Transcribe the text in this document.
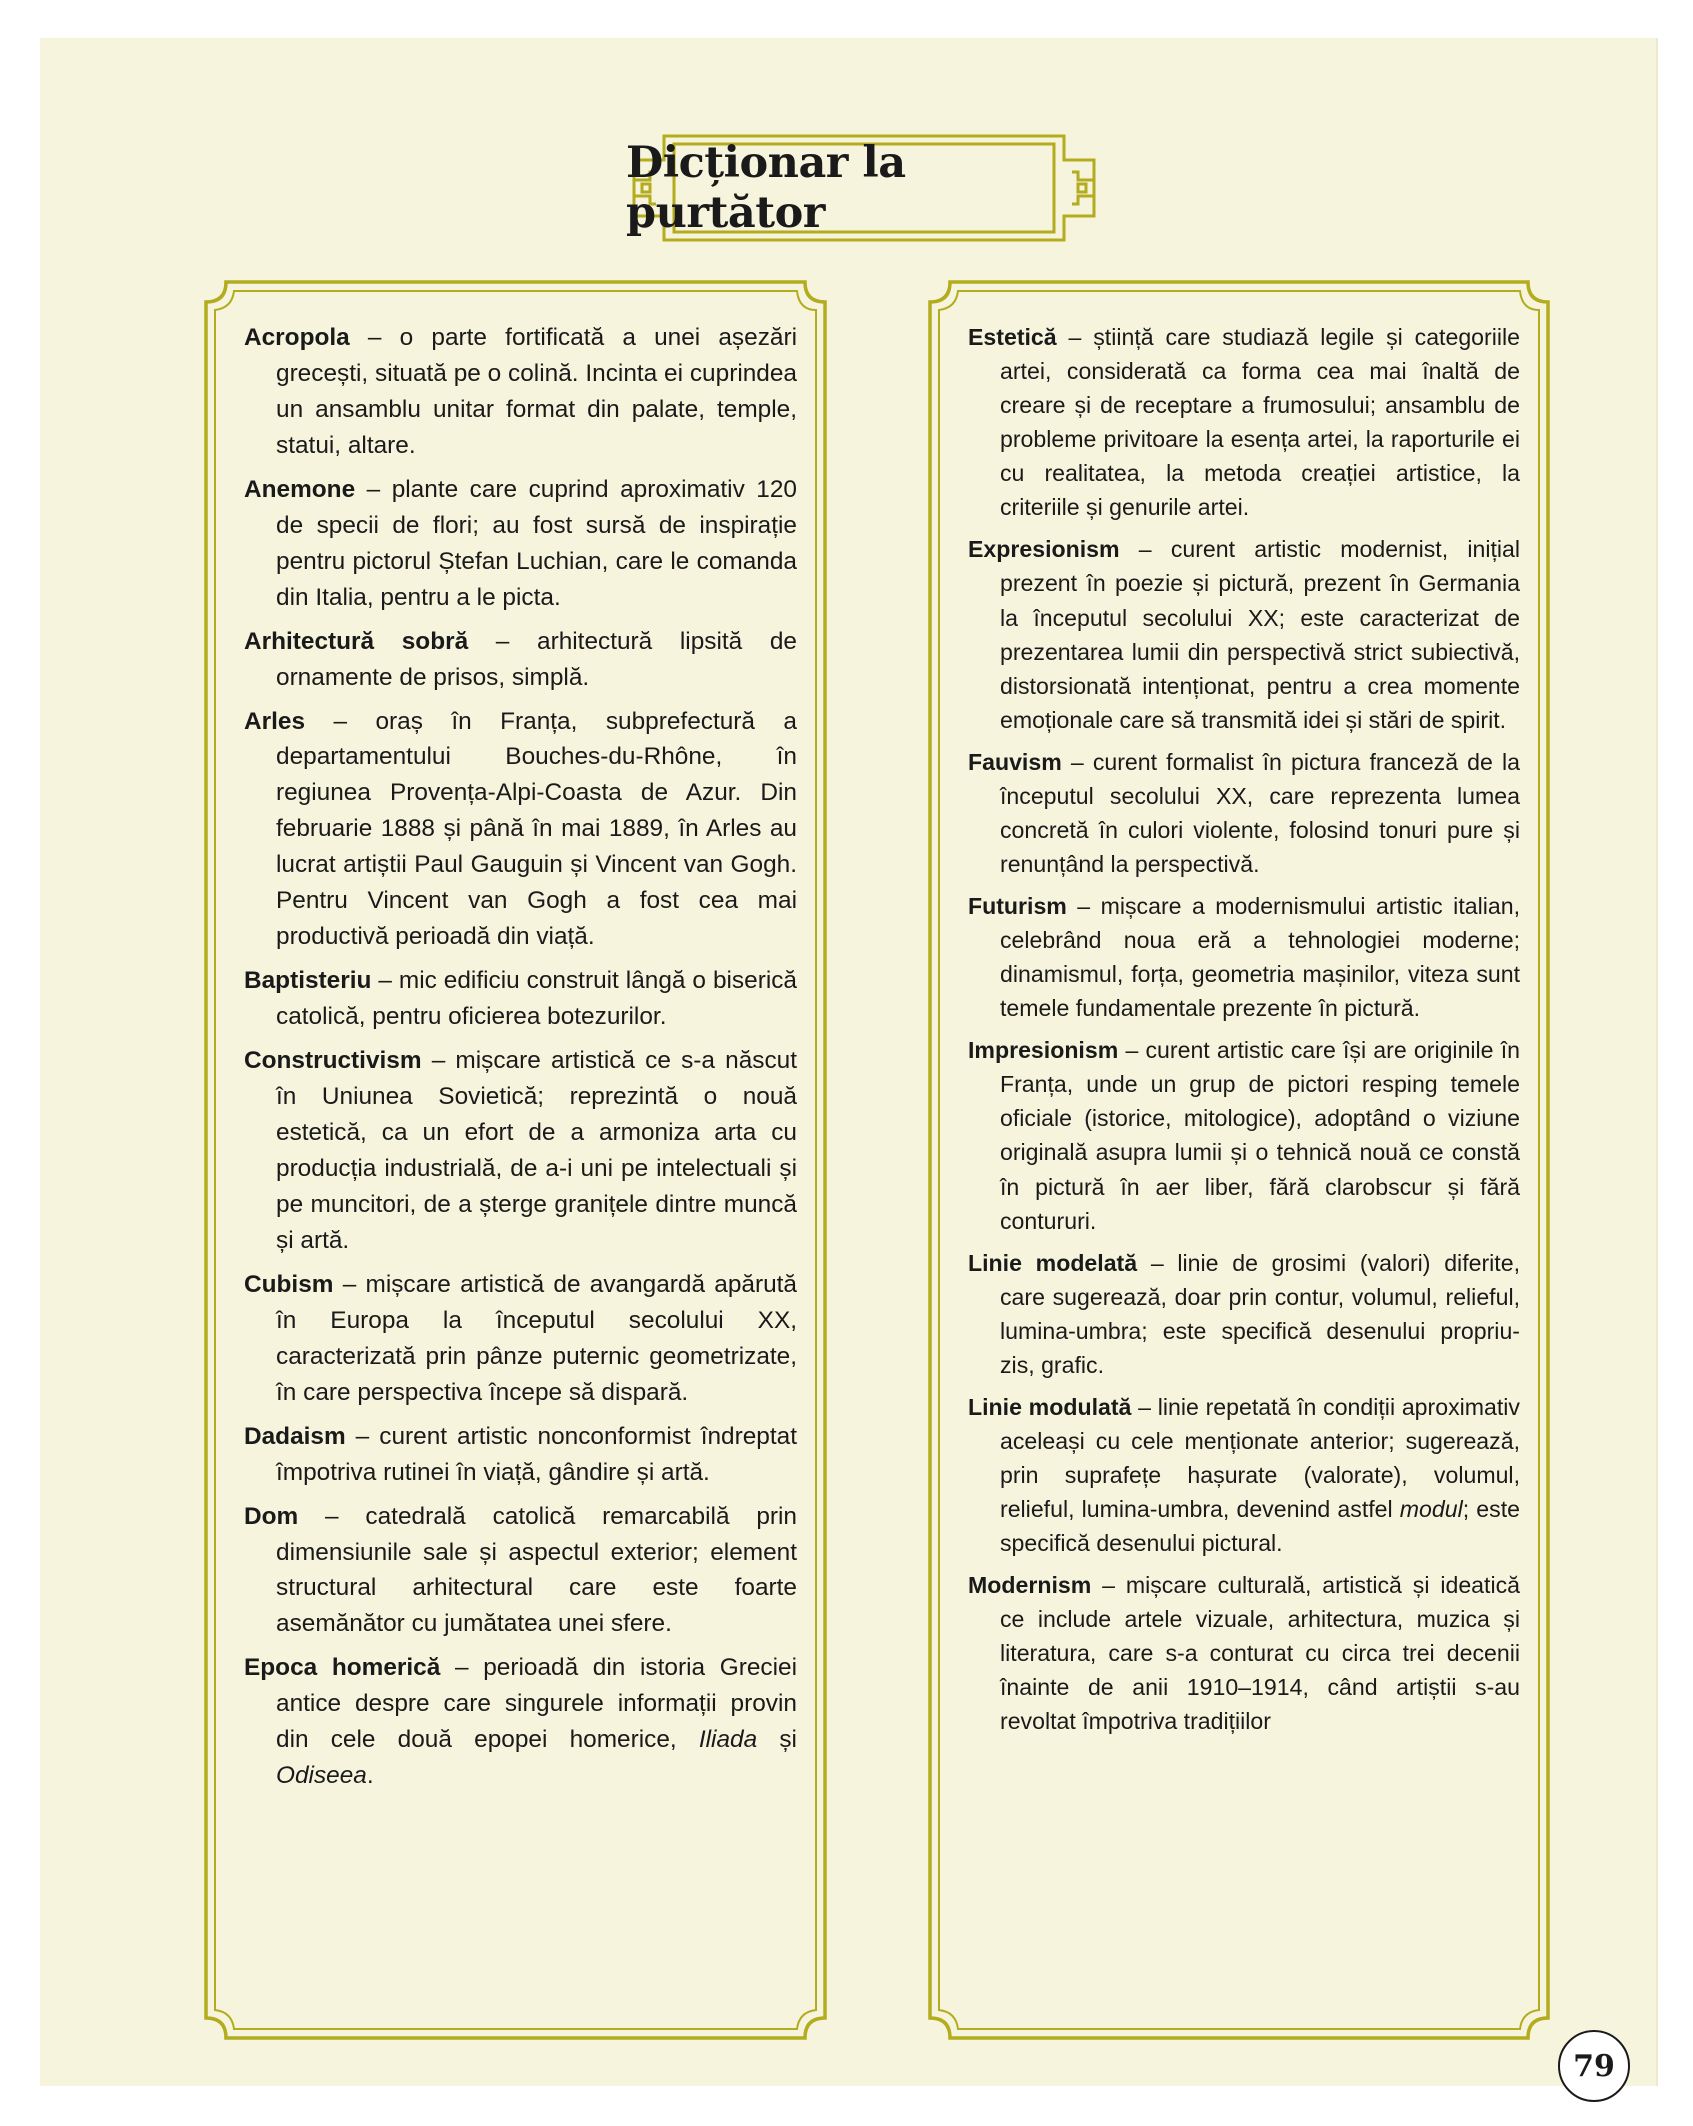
Dicționar la purtător
Acropola – o parte fortificată a unei așezări grecești, situată pe o colină. Incinta ei cuprindea un ansamblu unitar format din palate, temple, statui, altare.
Anemone – plante care cuprind aproximativ 120 de specii de flori; au fost sursă de inspirație pentru pictorul Ștefan Luchian, care le comanda din Italia, pentru a le picta.
Arhitectură sobră – arhitectură lipsită de ornamente de prisos, simplă.
Arles – oraș în Franța, subprefectură a departamentului Bouches-du-Rhône, în regiunea Provența-Alpi-Coasta de Azur. Din februarie 1888 și până în mai 1889, în Arles au lucrat artiștii Paul Gauguin și Vincent van Gogh. Pentru Vincent van Gogh a fost cea mai productivă perioadă din viață.
Baptisteriu – mic edificiu construit lângă o biserică catolică, pentru oficierea botezurilor.
Constructivism – mișcare artistică ce s-a născut în Uniunea Sovietică; reprezintă o nouă estetică, ca un efort de a armoniza arta cu producția industrială, de a-i uni pe intelectuali și pe muncitori, de a șterge granițele dintre muncă și artă.
Cubism – mișcare artistică de avangardă apărută în Europa la începutul secolului XX, caracterizată prin pânze puternic geometrizate, în care perspectiva începe să dispară.
Dadaism – curent artistic nonconformist îndreptat împotriva rutinei în viață, gândire și artă.
Dom – catedrală catolică remarcabilă prin dimensiunile sale și aspectul exterior; element structural arhitectural care este foarte asemănător cu jumătatea unei sfere.
Epoca homerică – perioadă din istoria Greciei antice despre care singurele informații provin din cele două epopei homerice, Iliada și Odiseea.
Estetică – știință care studiază legile și categoriile artei, considerată ca forma cea mai înaltă de creare și de receptare a frumosului; ansamblu de probleme privitoare la esența artei, la raporturile ei cu realitatea, la metoda creației artistice, la criteriile și genurile artei.
Expresionism – curent artistic modernist, inițial prezent în poezie și pictură, prezent în Germania la începutul secolului XX; este caracterizat de prezentarea lumii din perspectivă strict subiectivă, distorsionată intenționat, pentru a crea momente emoționale care să transmită idei și stări de spirit.
Fauvism – curent formalist în pictura franceză de la începutul secolului XX, care reprezenta lumea concretă în culori violente, folosind tonuri pure și renunțând la perspectivă.
Futurism – mișcare a modernismului artistic italian, celebrând noua eră a tehnologiei moderne; dinamismul, forța, geometria mașinilor, viteza sunt temele fundamentale prezente în pictură.
Impresionism – curent artistic care își are originile în Franța, unde un grup de pictori resping temele oficiale (istorice, mitologice), adoptând o viziune originală asupra lumii și o tehnică nouă ce constă în pictură în aer liber, fără clarobscur și fără contururi.
Linie modelată – linie de grosimi (valori) diferite, care sugerează, doar prin contur, volumul, relieful, lumina-umbra; este specifică desenului propriu-zis, grafic.
Linie modulată – linie repetată în condiții aproximativ aceleași cu cele menționate anterior; sugerează, prin suprafețe hașurate (valorate), volumul, relieful, lumina-umbra, devenind astfel modul; este specifică desenului pictural.
Modernism – mișcare culturală, artistică și ideatică ce include artele vizuale, arhitectura, muzica și literatura, care s-a conturat cu circa trei decenii înainte de anii 1910–1914, când artiștii s-au revoltat împotriva tradițiilor
79
